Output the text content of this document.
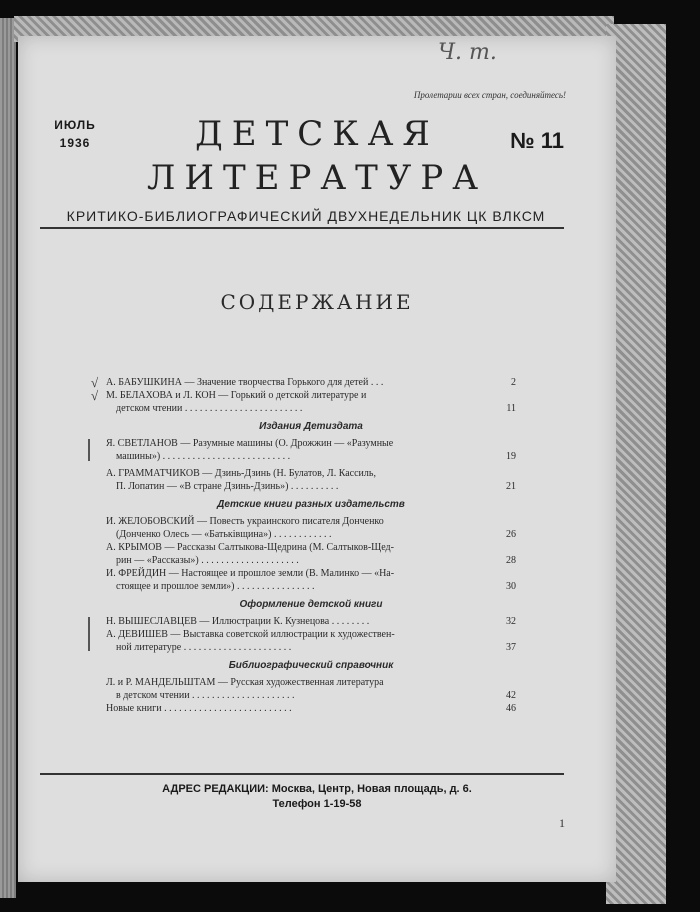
Ч. т.
Пролетарии всех стран, соединяйтесь!
ИЮЛЬ
1936	№ 11
ДЕТСКАЯ
ЛИТЕРАТУРА
КРИТИКО-БИБЛИОГРАФИЧЕСКИЙ ДВУХНЕДЕЛЬНИК ЦК ВЛКСМ
СОДЕРЖАНИЕ
√ А. БАБУШКИНА — Значение творчества Горького для детей . . .	2
√ М. БЕЛАХОВА и Л. КОН — Горький о детской литературе и
детском чтении . . . . . . . . . . . . . . . . . . . . . . . .	11
Издания Детиздата
Я. СВЕТЛАНОВ — Разумные машины (О. Дрожжин — «Разумные
машины») . . . . . . . . . . . . . . . . . . . . . . . . . .	19
А. ГРАММАТЧИКОВ — Дзинь-Дзинь (Н. Булатов, Л. Кассиль,
П. Лопатин — «В стране Дзинь-Дзинь») . . . . . . . . . .	21
Детские книги разных издательств
И. ЖЕЛОБОВСКИЙ — Повесть украинского писателя Донченко
(Донченко Олесь — «Батьківщина») . . . . . . . . . . . .	26
А. КРЫМОВ — Рассказы Салтыкова-Щедрина (М. Салтыков-Щед-
рин — «Рассказы») . . . . . . . . . . . . . . . . . . . .	28
И. ФРЕЙДИН — Настоящее и прошлое земли (В. Малинко — «На-
стоящее и прошлое земли») . . . . . . . . . . . . . . . .	30
Оформление детской книги
Н. ВЫШЕСЛАВЦЕВ — Иллюстрации К. Кузнецова . . . . . . . .	32
А. ДЕВИШЕВ — Выставка советской иллюстрации к художествен-
ной литературе . . . . . . . . . . . . . . . . . . . . . .	37
Библиографический справочник
Л. и Р. МАНДЕЛЬШТАМ — Русская художественная литература
в детском чтении . . . . . . . . . . . . . . . . . . . . .	42
Новые книги . . . . . . . . . . . . . . . . . . . . . . . . . .	46
АДРЕС РЕДАКЦИИ: Москва, Центр, Новая площадь, д. 6.
Телефон 1-19-58
1
